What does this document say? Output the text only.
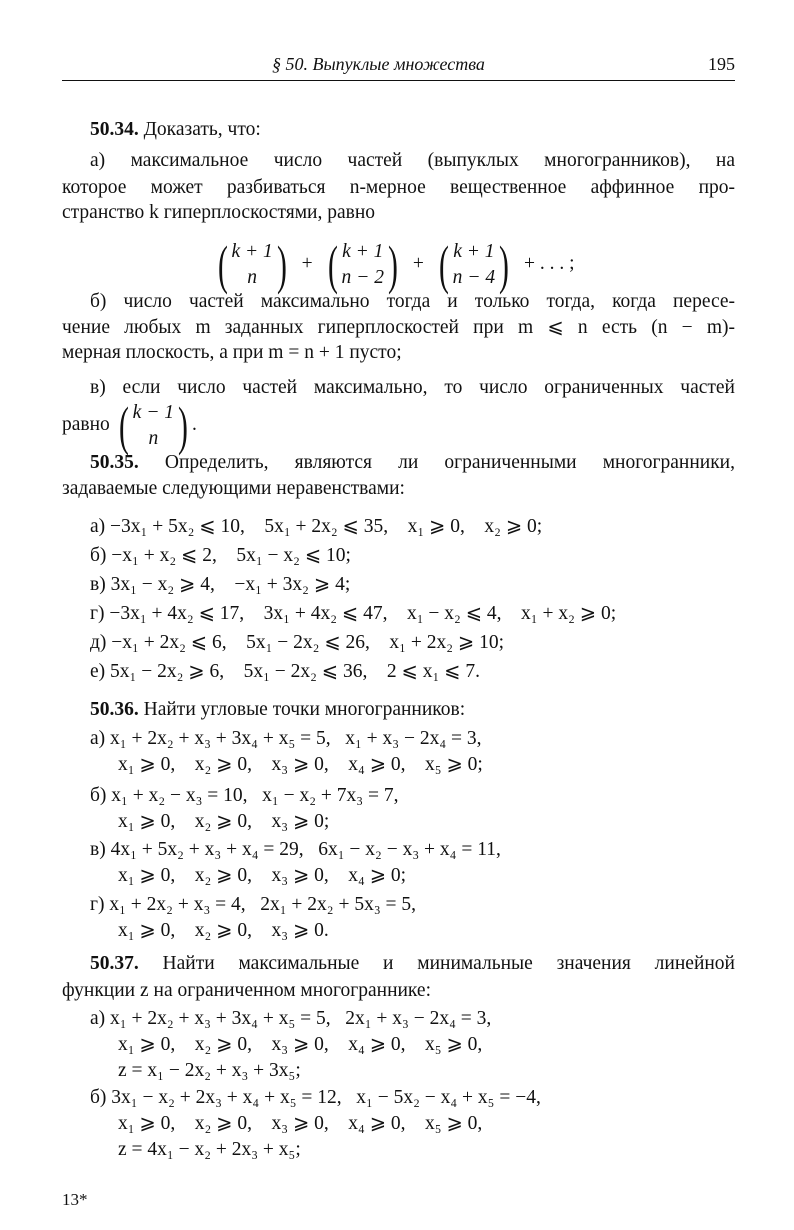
§ 50. Выпуклые множества	195
50.34. Доказать, что:
а) максимальное число частей (выпуклых многогранников), на
которое может разбиваться n-мерное вещественное аффинное про-
странство k гиперплоскостями, равно
( k + 1
n ) + ( k + 1
n − 2 ) + ( k + 1
n − 4 ) + . . . ;
б) число частей максимально тогда и только тогда, когда пересе-
чение любых m заданных гиперплоскостей при m ⩽ n есть (n − m)-
мерная плоскость, а при m = n + 1 пусто;
в) если число частей максимально, то число ограниченных частей
равно ( k − 1
n ) .
50.35. Определить, являются ли ограниченными многогранники,
задаваемые следующими неравенствами:
а) −3x₁ + 5x₂ ⩽ 10,    5x₁ + 2x₂ ⩽ 35,    x₁ ⩾ 0,    x₂ ⩾ 0;
б) −x₁ + x₂ ⩽ 2,    5x₁ − x₂ ⩽ 10;
в) 3x₁ − x₂ ⩾ 4,    −x₁ + 3x₂ ⩾ 4;
г) −3x₁ + 4x₂ ⩽ 17,    3x₁ + 4x₂ ⩽ 47,    x₁ − x₂ ⩽ 4,    x₁ + x₂ ⩾ 0;
д) −x₁ + 2x₂ ⩽ 6,    5x₁ − 2x₂ ⩽ 26,    x₁ + 2x₂ ⩾ 10;
е) 5x₁ − 2x₂ ⩾ 6,    5x₁ − 2x₂ ⩽ 36,    2 ⩽ x₁ ⩽ 7.
50.36. Найти угловые точки многогранников:
а) x₁ + 2x₂ + x₃ + 3x₄ + x₅ = 5,   x₁ + x₃ − 2x₄ = 3,
x₁ ⩾ 0,    x₂ ⩾ 0,    x₃ ⩾ 0,    x₄ ⩾ 0,    x₅ ⩾ 0;
б) x₁ + x₂ − x₃ = 10,   x₁ − x₂ + 7x₃ = 7,
x₁ ⩾ 0,    x₂ ⩾ 0,    x₃ ⩾ 0;
в) 4x₁ + 5x₂ + x₃ + x₄ = 29,   6x₁ − x₂ − x₃ + x₄ = 11,
x₁ ⩾ 0,    x₂ ⩾ 0,    x₃ ⩾ 0,    x₄ ⩾ 0;
г) x₁ + 2x₂ + x₃ = 4,   2x₁ + 2x₂ + 5x₃ = 5,
x₁ ⩾ 0,    x₂ ⩾ 0,    x₃ ⩾ 0.
50.37. Найти максимальные и минимальные значения линейной
функции z на ограниченном многограннике:
а) x₁ + 2x₂ + x₃ + 3x₄ + x₅ = 5,   2x₁ + x₃ − 2x₄ = 3,
x₁ ⩾ 0,    x₂ ⩾ 0,    x₃ ⩾ 0,    x₄ ⩾ 0,    x₅ ⩾ 0,
z = x₁ − 2x₂ + x₃ + 3x₅;
б) 3x₁ − x₂ + 2x₃ + x₄ + x₅ = 12,   x₁ − 5x₂ − x₄ + x₅ = −4,
x₁ ⩾ 0,    x₂ ⩾ 0,    x₃ ⩾ 0,    x₄ ⩾ 0,    x₅ ⩾ 0,
z = 4x₁ − x₂ + 2x₃ + x₅;
13*
